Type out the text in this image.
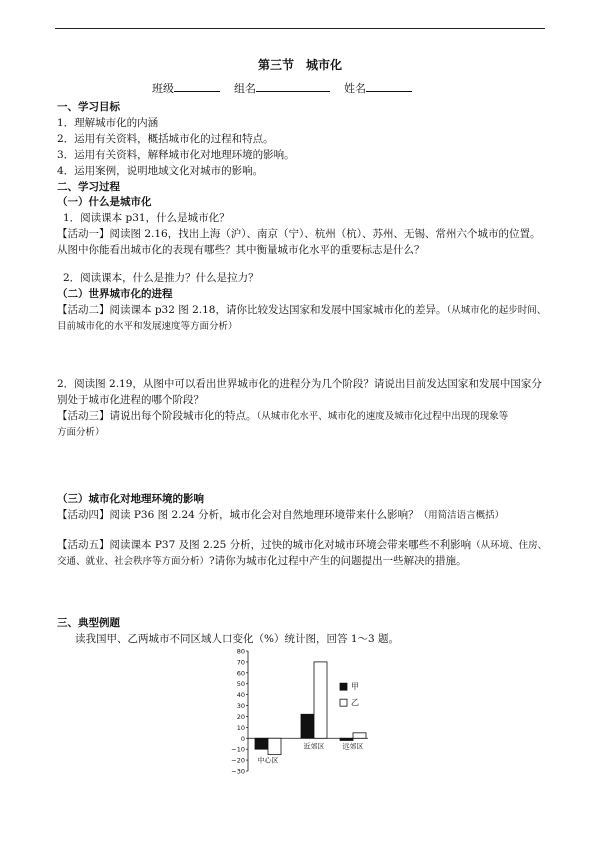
第三节　城市化
班级	组名	姓名
一、学习目标
1．理解城市化的内涵
2．运用有关资料，概括城市化的过程和特点。
3．运用有关资料，解释城市化对地理环境的影响。
4．运用案例，说明地域文化对城市的影响。
二、学习过程
（一）什么是城市化
1．阅读课本 p31，什么是城市化？
【活动一】阅读图 2.16，找出上海（沪）、南京（宁）、杭州（杭）、苏州、无锡、常州六个城市的位置。
从图中你能看出城市化的表现有哪些？其中衡量城市化水平的重要标志是什么？
2．阅读课本，什么是推力？什么是拉力？
（二）世界城市化的进程
【活动二】阅读课本 p32 图 2.18，请你比较发达国家和发展中国家城市化的差异。（从城市化的起步时间、
目前城市化的水平和发展速度等方面分析）
2．阅读图 2.19，从图中可以看出世界城市化的进程分为几个阶段？请说出目前发达国家和发展中国家分
别处于城市化进程的哪个阶段？
【活动三】请说出每个阶段城市化的特点。（从城市化水平、城市化的速度及城市化过程中出现的现象等
方面分析）
（三）城市化对地理环境的影响
【活动四】阅读 P36 图 2.24 分析，城市化会对自然地理环境带来什么影响？（用简洁语言概括）
【活动五】阅读课本 P37 及图 2.25 分析，过快的城市化对城市环境会带来哪些不利影响（从环境、住房、
交通、就业、社会秩序等方面分析）?请你为城市化过程中产生的问题提出一些解决的措施。
三、典型例题
读我国甲、乙两城市不同区域人口变化（%）统计图，回答 1～3 题。
80
70
60
50
40
30
20
10
0
−10
−20
−30
中心区
近郊区	远郊区
甲
乙
